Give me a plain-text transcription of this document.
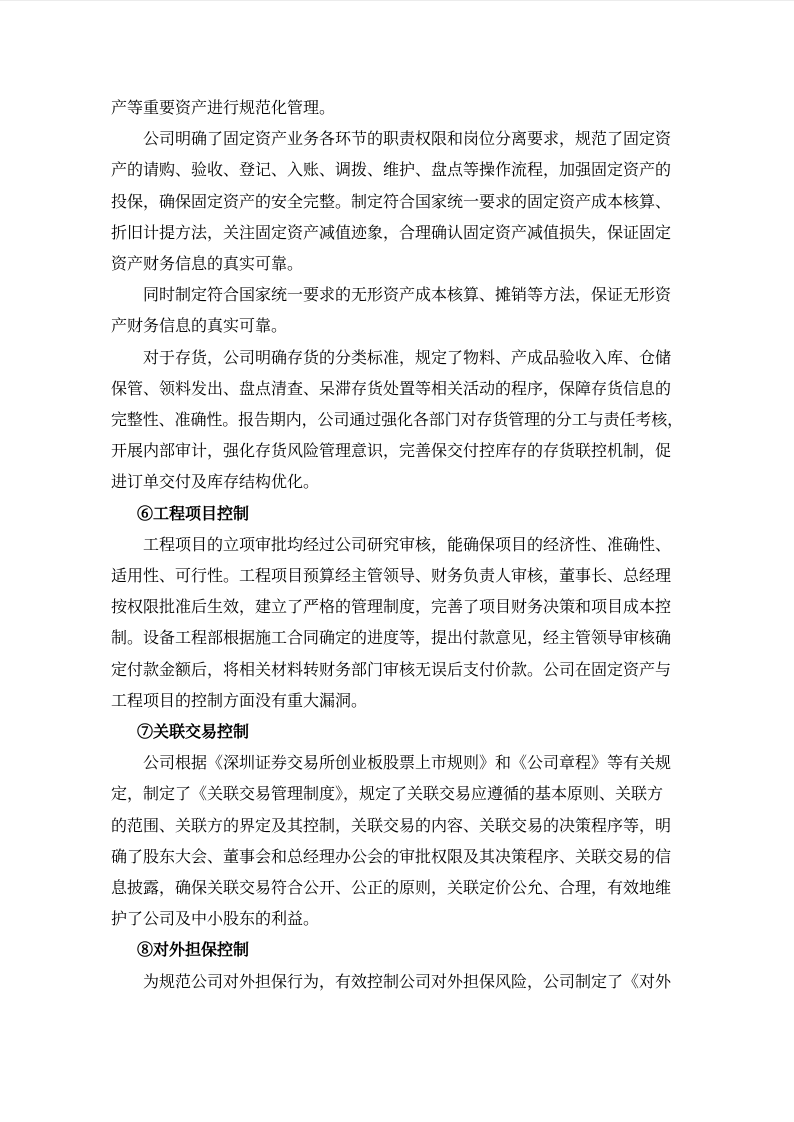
产等重要资产进行规范化管理。
公司明确了固定资产业务各环节的职责权限和岗位分离要求，规范了固定资
产的请购、验收、登记、入账、调拨、维护、盘点等操作流程，加强固定资产的
投保，确保固定资产的安全完整。制定符合国家统一要求的固定资产成本核算、
折旧计提方法，关注固定资产减值迹象，合理确认固定资产减值损失，保证固定
资产财务信息的真实可靠。
同时制定符合国家统一要求的无形资产成本核算、摊销等方法，保证无形资
产财务信息的真实可靠。
对于存货，公司明确存货的分类标准，规定了物料、产成品验收入库、仓储
保管、领料发出、盘点清查、呆滞存货处置等相关活动的程序，保障存货信息的
完整性、准确性。报告期内，公司通过强化各部门对存货管理的分工与责任考核，
开展内部审计，强化存货风险管理意识，完善保交付控库存的存货联控机制，促
进订单交付及库存结构优化。
⑥工程项目控制
工程项目的立项审批均经过公司研究审核，能确保项目的经济性、准确性、
适用性、可行性。工程项目预算经主管领导、财务负责人审核，董事长、总经理
按权限批准后生效，建立了严格的管理制度，完善了项目财务决策和项目成本控
制。设备工程部根据施工合同确定的进度等，提出付款意见，经主管领导审核确
定付款金额后，将相关材料转财务部门审核无误后支付价款。公司在固定资产与
工程项目的控制方面没有重大漏洞。
⑦关联交易控制
公司根据《深圳证券交易所创业板股票上市规则》和《公司章程》等有关规
定，制定了《关联交易管理制度》，规定了关联交易应遵循的基本原则、关联方
的范围、关联方的界定及其控制，关联交易的内容、关联交易的决策程序等，明
确了股东大会、董事会和总经理办公会的审批权限及其决策程序、关联交易的信
息披露，确保关联交易符合公开、公正的原则，关联定价公允、合理，有效地维
护了公司及中小股东的利益。
⑧对外担保控制
为规范公司对外担保行为，有效控制公司对外担保风险，公司制定了《对外
